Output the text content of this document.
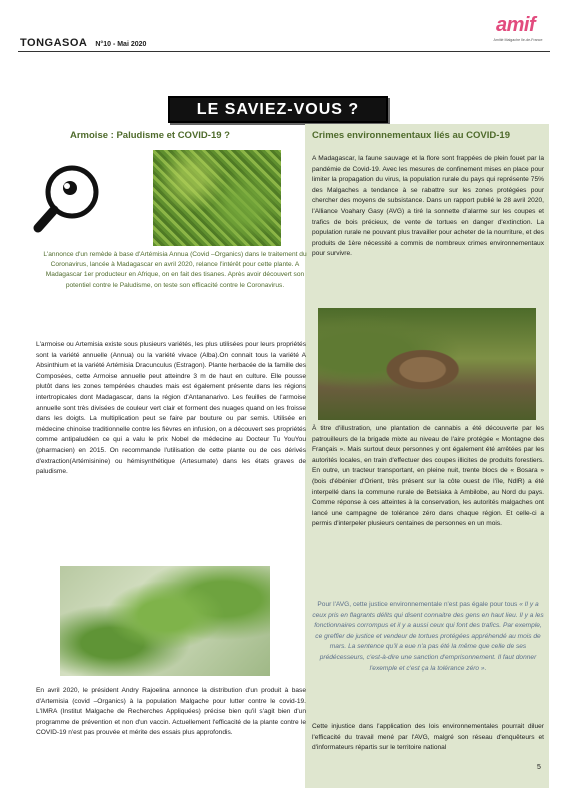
TONGASOA N°10 - Mai 2020
amif
Amitié Malgache Ile-de-France
LE SAVIEZ-VOUS ?
Armoise : Paludisme et COVID-19 ?
L'annonce d'un remède à base d'Artémisia Annua (Covid –Organics) dans le traitement du Coronavirus, lancée à Madagascar en avril 2020, relance l'intérêt pour cette plante. A Madagascar 1er producteur en Afrique, on en fait des tisanes. Après avoir découvert son potentiel contre le Paludisme, on teste son efficacité contre le Coronavirus.
L'armoise ou Artemisia existe sous plusieurs variétés, les plus utilisées pour leurs propriétés sont la variété annuelle (Annua) ou la variété vivace (Alba).On connait tous la variété A Absinthium et la variété Artémisia Dracunculus (Estragon). Plante herbacée de la famille des Composées, cette Armoise annuelle peut atteindre 3 m de haut en culture. Elle pousse plutôt dans les zones tempérées chaudes mais est également présente dans les régions intertropicales dont Madagascar, dans la région d'Antananarivo. Les feuilles de l'armoise annuelle sont très divisées de couleur vert clair et forment des nuages quand on les froisse dans les doigts. La multiplication peut se faire par bouture ou par semis. Utilisée en médecine chinoise traditionnelle contre les fièvres en infusion, on a découvert ses propriétés comme antipaludéen ce qui a valu le prix Nobel de médecine au Docteur Tu YouYou (pharmacien) en 2015. On recommande l'utilisation de cette plante ou de ces dérivés d'extraction(Artémisinine) ou hémisynthétique (Artesumate) dans les états graves de paludisme.
En avril 2020, le président Andry Rajoelina annonce la distribution d'un produit à base d'Artemisia (covid –Organics) à la population Malgache pour lutter contre le covid-19. L'IMRA (Institut Malgache de Recherches Appliquées) précise bien qu'il s'agit bien d'un programme de prévention et non d'un vaccin. Actuellement l'efficacité de la plante contre le COVID-19 n'est pas prouvée et mérite des essais plus approfondis.
Crimes environnementaux liés au COVID-19
A Madagascar, la faune sauvage et la flore sont frappées de plein fouet par la pandémie de Covid-19. Avec les mesures de confinement mises en place pour limiter la propagation du virus, la population rurale du pays qui représente 75% des Malgaches a tendance à se rabattre sur les zones protégées pour chercher des moyens de subsistance. Dans un rapport publié le 28 avril 2020, l'Alliance Voahary Gasy (AVG) a tiré la sonnette d'alarme sur les coupes et trafics de bois précieux, de vente de tortues en danger d'extinction. La population rurale ne pouvant plus travailler pour acheter de la nourriture, et des produits de 1ère nécessité a commis de nombreux crimes environnementaux pour survivre.
À titre d'illustration, une plantation de cannabis a été découverte par les patrouilleurs de la brigade mixte au niveau de l'aire protégée « Montagne des Français ». Mais surtout deux personnes y ont également été arrêtées par les autorités locales, en train d'effectuer des coupes illicites de produits forestiers. En outre, un tracteur transportant, en pleine nuit, trente blocs de « Bosara » (bois d'ébénier d'Orient, très présent sur la côte ouest de l'île, NdlR) a été interpellé dans la commune rurale de Betsiaka à Ambilobe, au Nord du pays. Comme réponse à ces atteintes à la conservation, les autorités malgaches ont lancé une campagne de tolérance zéro dans chaque région. Et celle-ci a permis d'interpeler plusieurs centaines de personnes en un mois.
Pour l'AVG, cette justice environnementale n'est pas égale pour tous « Il y a ceux pris en flagrants délits qui disent connaitre des gens en haut lieu. Il y a les fonctionnaires corrompus et il y a aussi ceux qui font des trafics. Par exemple, ce greffier de justice et vendeur de tortues protégées appréhendé au mois de mars. La sentence qu'il a eue n'a pas été la même que celle de ses prédécesseurs, c'est-à-dire une sanction d'emprisonnement. Il faut donner l'exemple et c'est ça la tolérance zéro ».
Cette injustice dans l'application des lois environnementales pourrait diluer l'efficacité du travail mené par l'AVG, malgré son réseau d'enquêteurs et d'informateurs répartis sur le territoire national
5
